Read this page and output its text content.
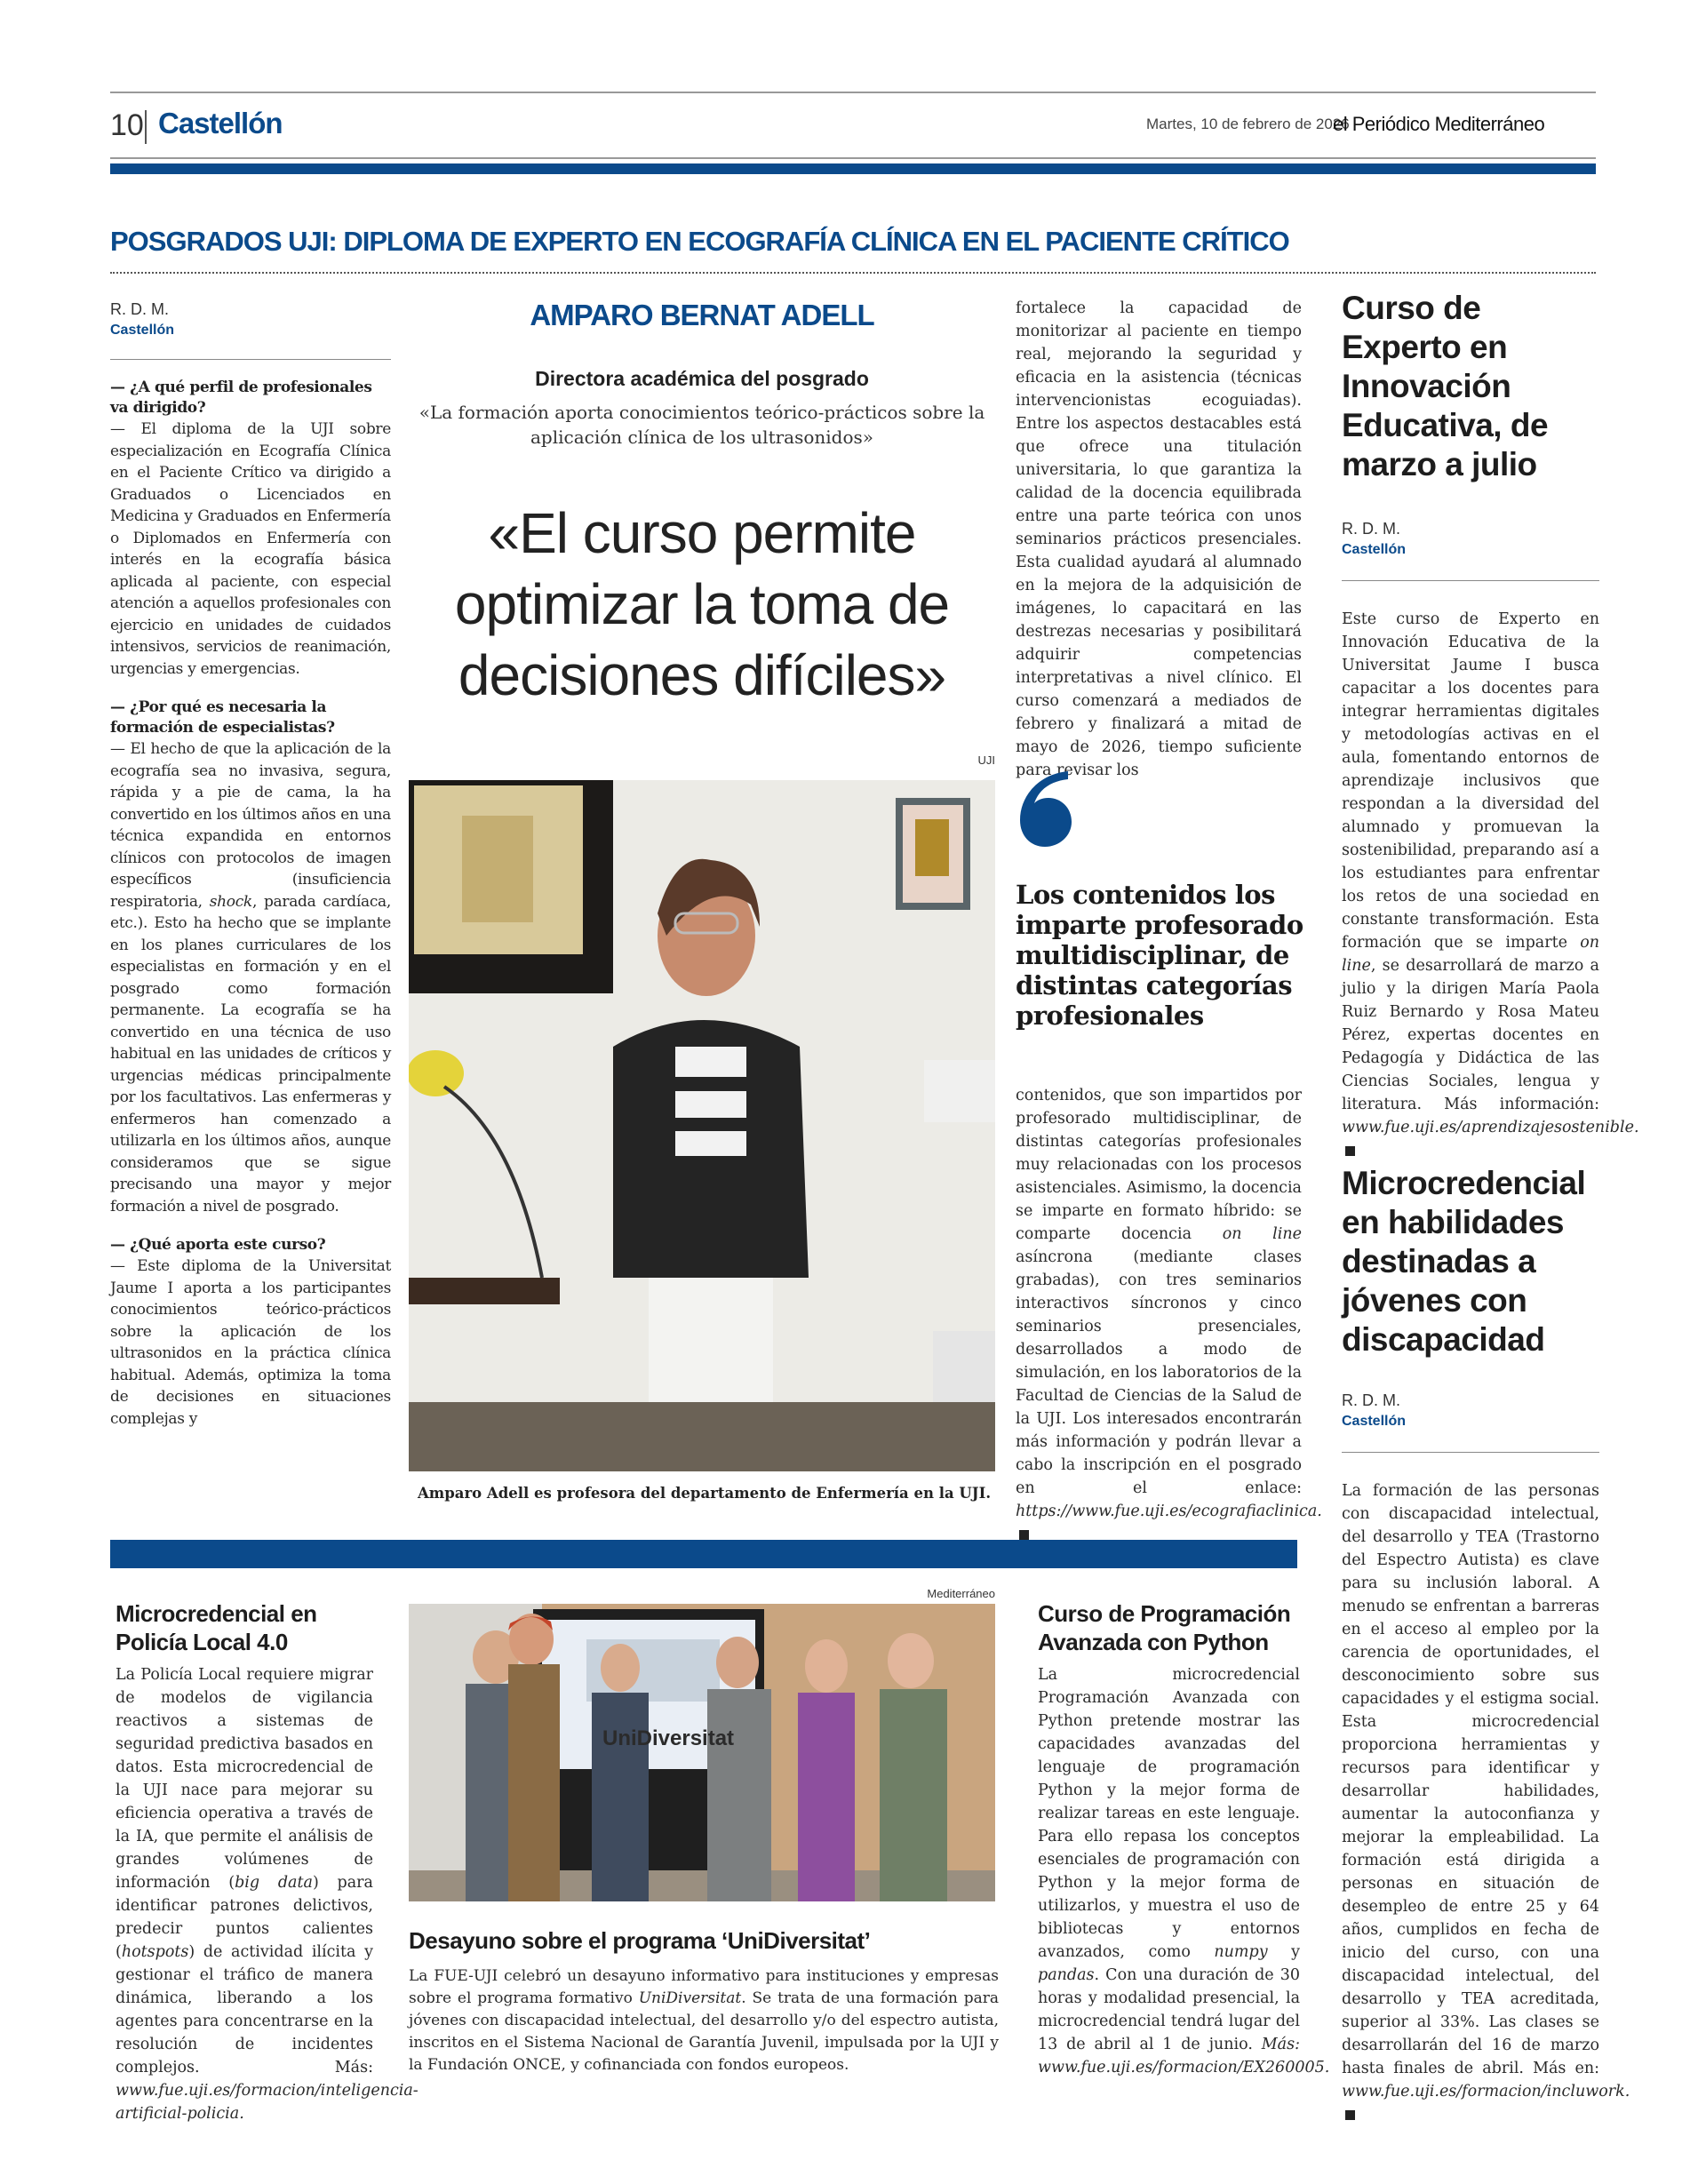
10 Castellón	Martes, 10 de febrero de 2026
el Periódico Mediterráneo
POSGRADOS UJI: DIPLOMA DE EXPERTO EN ECOGRAFÍA CLÍNICA EN EL PACIENTE CRÍTICO
R. D. M.
Castellón
— ¿A qué perfil de profesionales va dirigido?
— El diploma de la UJI sobre especialización en Ecografía Clínica en el Paciente Crítico va dirigido a Graduados o Licenciados en Medicina y Graduados en Enfermería o Diplomados en Enfermería con interés en la ecografía básica aplicada al paciente, con especial atención a aquellos profesionales con ejercicio en unidades de cuidados intensivos, servicios de reanimación, urgencias y emergencias.
— ¿Por qué es necesaria la formación de especialistas?
— El hecho de que la aplicación de la ecografía sea no invasiva, segura, rápida y a pie de cama, la ha convertido en los últimos años en una técnica expandida en entornos clínicos con protocolos de imagen específicos (insuficiencia respiratoria, shock, parada cardíaca, etc.). Esto ha hecho que se implante en los planes curriculares de los especialistas en formación y en el posgrado como formación permanente. La ecografía se ha convertido en una técnica de uso habitual en las unidades de críticos y urgencias médicas principalmente por los facultativos. Las enfermeras y enfermeros han comenzado a utilizarla en los últimos años, aunque consideramos que se sigue precisando una mayor y mejor formación a nivel de posgrado.
— ¿Qué aporta este curso?
— Este diploma de la Universitat Jaume I aporta a los participantes conocimientos teórico-prácticos sobre la aplicación de los ultrasonidos en la práctica clínica habitual. Además, optimiza la toma de decisiones en situaciones complejas y
AMPARO BERNAT ADELL
Directora académica del posgrado
«La formación aporta conocimientos teórico-prácticos sobre la aplicación clínica de los ultrasonidos»
«El curso permite optimizar la toma de decisiones difíciles»
UJI
Amparo Adell es profesora del departamento de Enfermería en la UJI.
fortalece la capacidad de monitorizar al paciente en tiempo real, mejorando la seguridad y eficacia en la asistencia (técnicas intervencionistas ecoguiadas). Entre los aspectos destacables está que ofrece una titulación universitaria, lo que garantiza la calidad de la docencia equilibrada entre una parte teórica con unos seminarios prácticos presenciales. Esta cualidad ayudará al alumnado en la mejora de la adquisición de imágenes, lo capacitará en las destrezas necesarias y posibilitará adquirir competencias interpretativas a nivel clínico. El curso comenzará a mediados de febrero y finalizará a mitad de mayo de 2026, tiempo suficiente para revisar los
Los contenidos los imparte profesorado multidisciplinar, de distintas categorías profesionales
contenidos, que son impartidos por profesorado multidisciplinar, de distintas categorías profesionales muy relacionadas con los procesos asistenciales. Asimismo, la docencia se imparte en formato híbrido: se comparte docencia on line asíncrona (mediante clases grabadas), con tres seminarios interactivos síncronos y cinco seminarios presenciales, desarrollados a modo de simulación, en los laboratorios de la Facultad de Ciencias de la Salud de la UJI. Los interesados encontrarán más información y podrán llevar a cabo la inscripción en el posgrado en el enlace: https://www.fue.uji.es/ecografiaclinica.
Curso de Experto en Innovación Educativa, de marzo a julio
R. D. M.
Castellón
Este curso de Experto en Innovación Educativa de la Universitat Jaume I busca capacitar a los docentes para integrar herramientas digitales y metodologías activas en el aula, fomentando entornos de aprendizaje inclusivos que respondan a la diversidad del alumnado y promuevan la sostenibilidad, preparando así a los estudiantes para enfrentar los retos de una sociedad en constante transformación. Esta formación que se imparte on line, se desarrollará de marzo a julio y la dirigen María Paola Ruiz Bernardo y Rosa Mateu Pérez, expertas docentes en Pedagogía y Didáctica de las Ciencias Sociales, lengua y literatura. Más información: www.fue.uji.es/aprendizajesostenible.
Microcredencial en habilidades destinadas a jóvenes con discapacidad
R. D. M.
Castellón
La formación de las personas con discapacidad intelectual, del desarrollo y TEA (Trastorno del Espectro Autista) es clave para su inclusión laboral. A menudo se enfrentan a barreras en el acceso al empleo por la carencia de oportunidades, el desconocimiento sobre sus capacidades y el estigma social. Esta microcredencial proporciona herramientas y recursos para identificar y desarrollar habilidades, aumentar la autoconfianza y mejorar la empleabilidad. La formación está dirigida a personas en situación de desempleo de entre 25 y 64 años, cumplidos en fecha de inicio del curso, con una discapacidad intelectual, del desarrollo y TEA acreditada, superior al 33%. Las clases se desarrollarán del 16 de marzo hasta finales de abril. Más en: www.fue.uji.es/formacion/incluwork.
Microcredencial en Policía Local 4.0
La Policía Local requiere migrar de modelos de vigilancia reactivos a sistemas de seguridad predictiva basados en datos. Esta microcredencial de la UJI nace para mejorar su eficiencia operativa a través de la IA, que permite el análisis de grandes volúmenes de información (big data) para identificar patrones delictivos, predecir puntos calientes (hotspots) de actividad ilícita y gestionar el tráfico de manera dinámica, liberando a los agentes para concentrarse en la resolución de incidentes complejos. Más: www.fue.uji.es/formacion/inteligencia-artificial-policia.
Mediterráneo
UniDiversitat
Desayuno sobre el programa ‘UniDiversitat’
La FUE-UJI celebró un desayuno informativo para instituciones y empresas sobre el programa formativo UniDiversitat. Se trata de una formación para jóvenes con discapacidad intelectual, del desarrollo y/o del espectro autista, inscritos en el Sistema Nacional de Garantía Juvenil, impulsada por la UJI y la Fundación ONCE, y cofinanciada con fondos europeos.
Curso de Programación Avanzada con Python
La microcredencial Programación Avanzada con Python pretende mostrar las capacidades avanzadas del lenguaje de programación Python y la mejor forma de realizar tareas en este lenguaje. Para ello repasa los conceptos esenciales de programación con Python y la mejor forma de utilizarlos, y muestra el uso de bibliotecas y entornos avanzados, como numpy y pandas. Con una duración de 30 horas y modalidad presencial, la microcredencial tendrá lugar del 13 de abril al 1 de junio. Más: www.fue.uji.es/formacion/EX260005.
